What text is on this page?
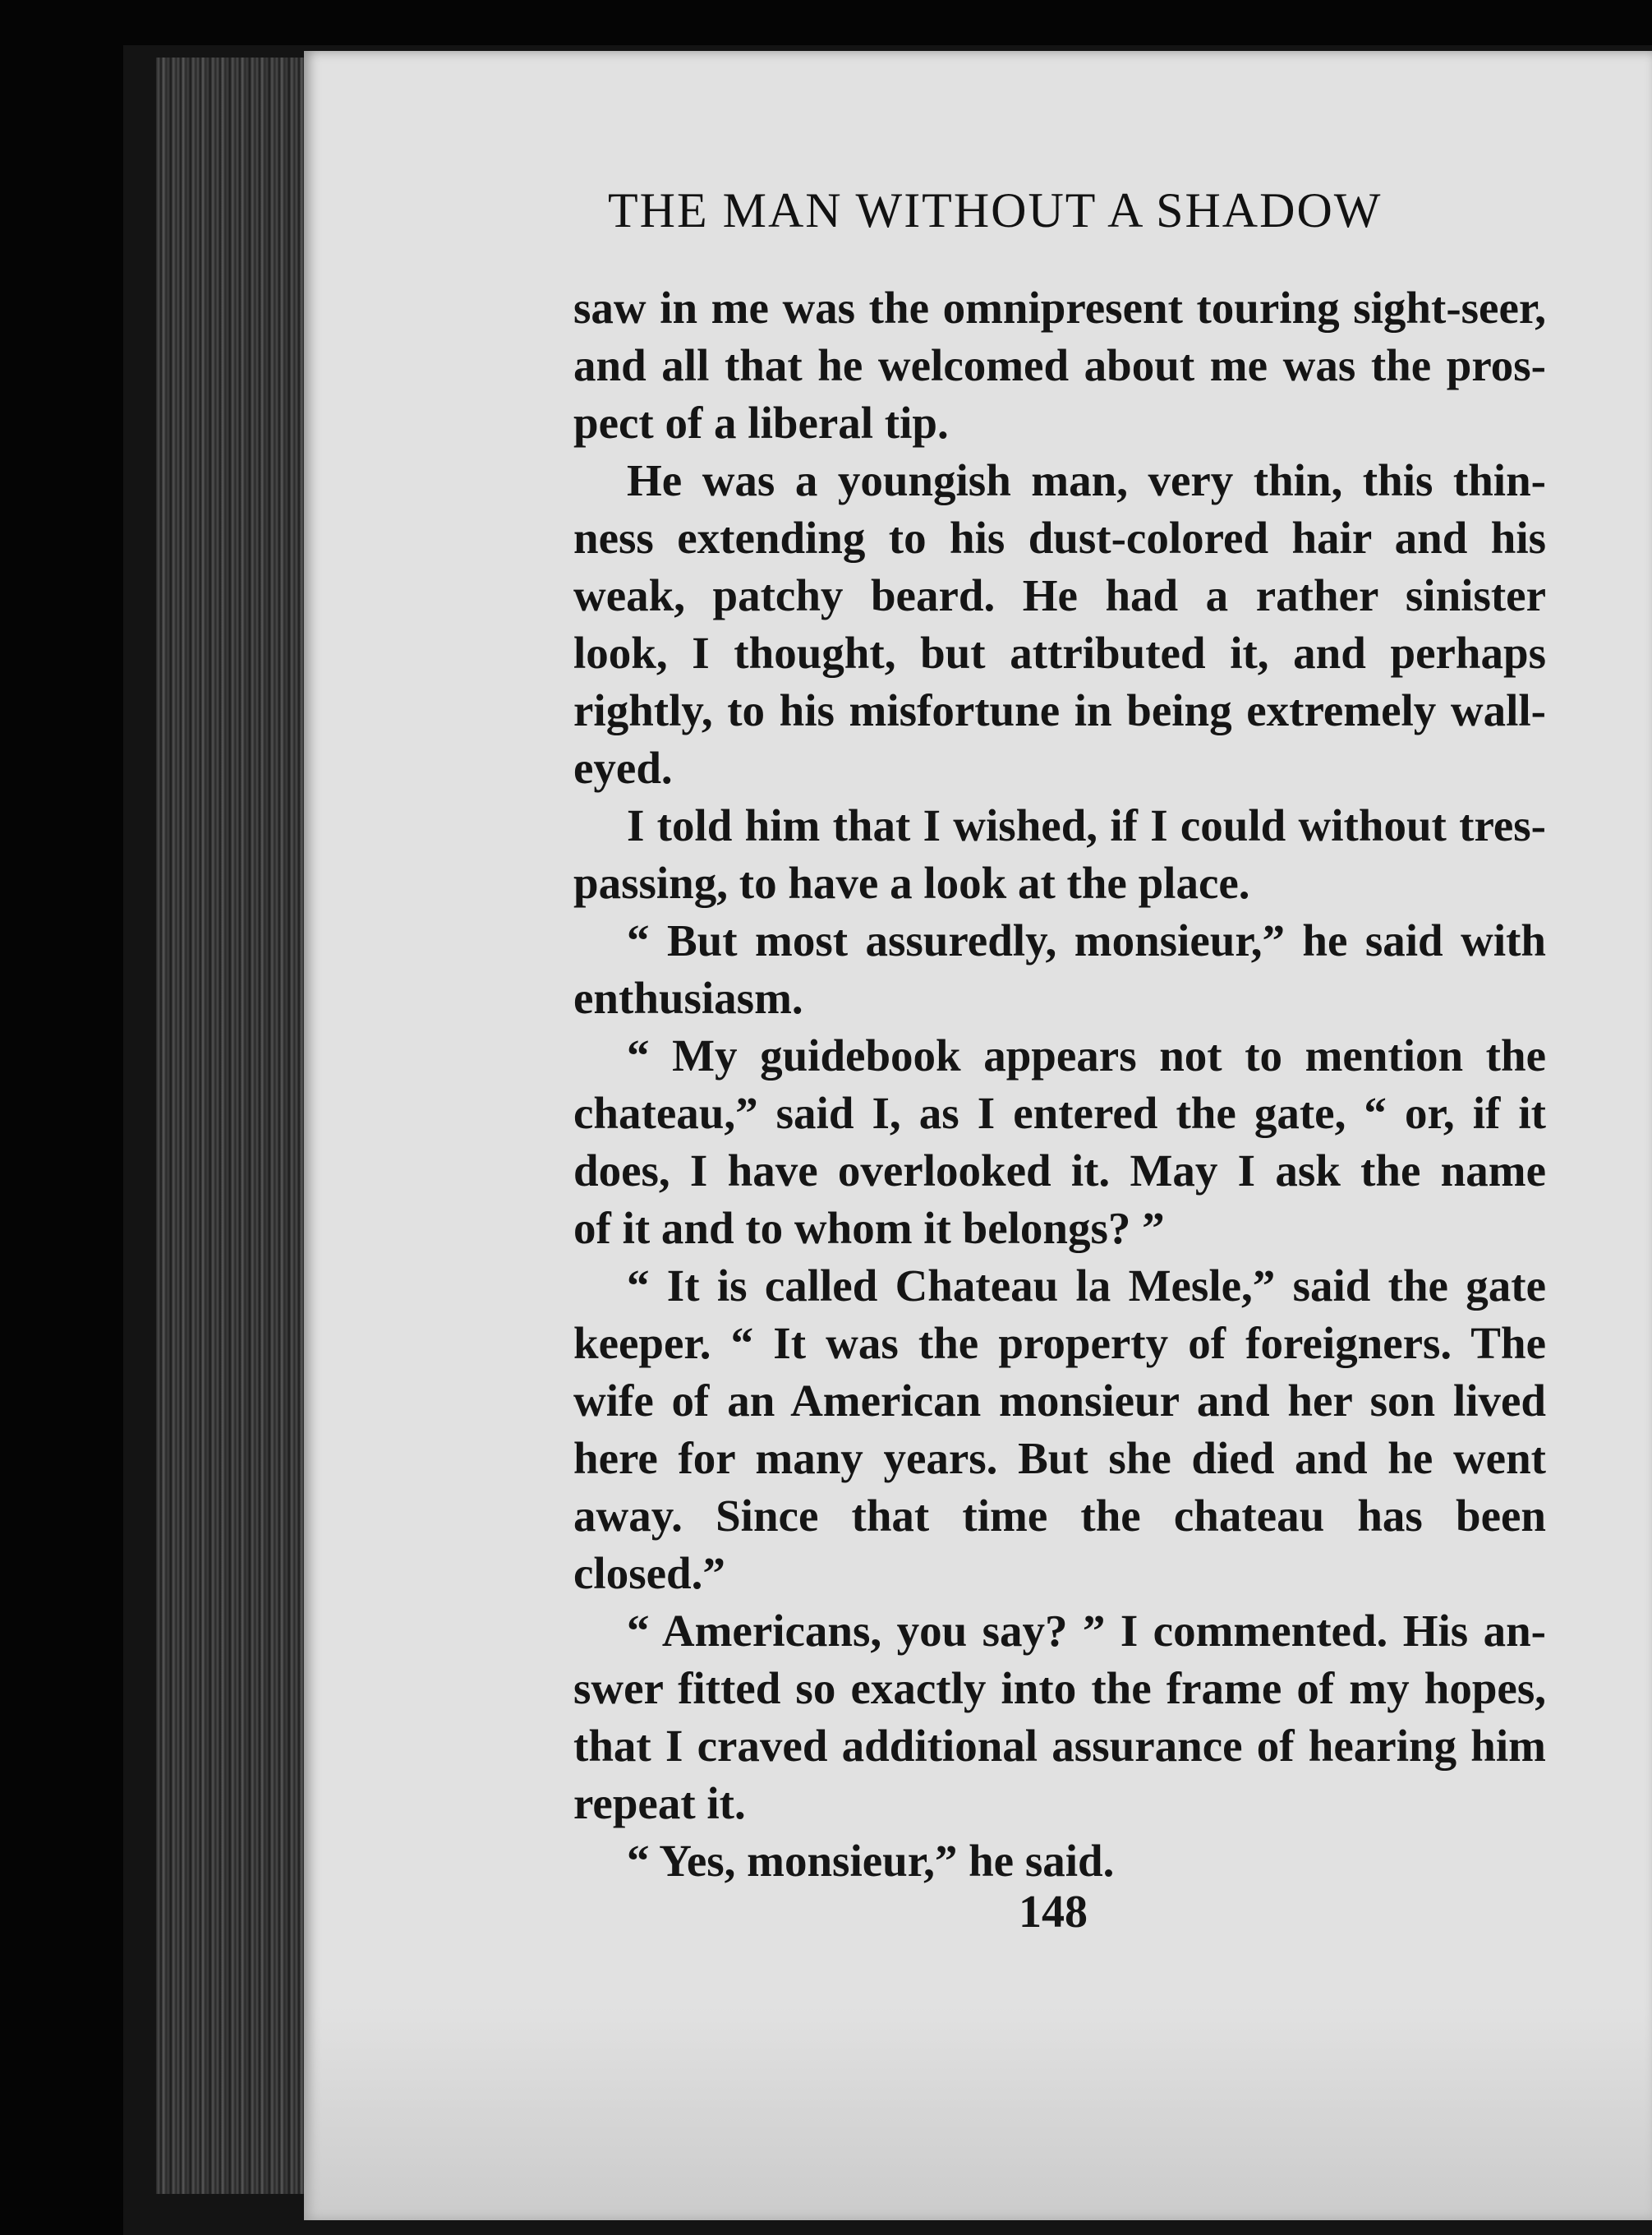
THE MAN WITHOUT A SHADOW
saw in me was the omnipresent touring sight-seer,
and all that he welcomed about me was the pros-
pect of a liberal tip.
He was a youngish man, very thin, this thin-
ness extending to his dust-colored hair and his
weak, patchy beard. He had a rather sinister
look, I thought, but attributed it, and perhaps
rightly, to his misfortune in being extremely wall-
eyed.
I told him that I wished, if I could without tres-
passing, to have a look at the place.
“ But most assuredly, monsieur,” he said with
enthusiasm.
“ My guidebook appears not to mention the
chateau,” said I, as I entered the gate, “ or, if it
does, I have overlooked it. May I ask the name
of it and to whom it belongs? ”
“ It is called Chateau la Mesle,” said the gate
keeper. “ It was the property of foreigners. The
wife of an American monsieur and her son lived
here for many years. But she died and he went
away. Since that time the chateau has been
closed.”
“ Americans, you say? ” I commented. His an-
swer fitted so exactly into the frame of my hopes,
that I craved additional assurance of hearing him
repeat it.
“ Yes, monsieur,” he said.
148
